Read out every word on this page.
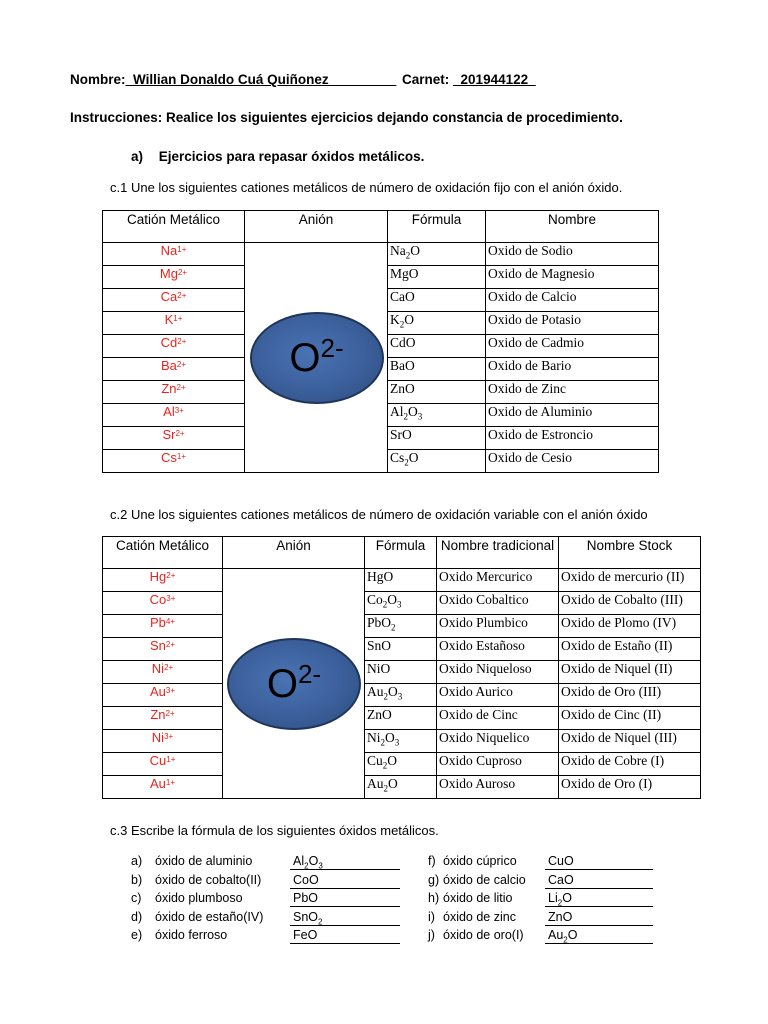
Nombre:_Willian Donaldo Cuá Quiñonez_________ Carnet: _201944122_
Instrucciones: Realice los siguientes ejercicios dejando constancia de procedimiento.
a) Ejercicios para repasar óxidos metálicos.
c.1 Une los siguientes cationes metálicos de número de oxidación fijo con el anión óxido.
Catión Metálico	Anión	Fórmula	Nombre
$Na^{1+}$	$O^{2-}$	$Na_2O$	Oxido de Sodio
$Mg^{2+}$		MgO	Oxido de Magnesio
$Ca^{2+}$		CaO	Oxido de Calcio
$K^{1+}$		$K_2O$	Oxido de Potasio
$Cd^{2+}$		CdO	Oxido de Cadmio
$Ba^{2+}$		BaO	Oxido de Bario
$Zn^{2+}$		ZnO	Oxido de Zinc
$Al^{3+}$		$Al_2O_3$	Oxido de Aluminio
$Sr^{2+}$		SrO	Oxido de Estroncio
$Cs^{1+}$		$Cs_2O$	Oxido de Cesio
c.2 Une los siguientes cationes metálicos de número de oxidación variable con el anión óxido
Catión Metálico	Anión	Fórmula	Nombre tradicional	Nombre Stock
$Hg^{2+}$	$O^{2-}$	HgO	Oxido Mercurico	Oxido de mercurio (II)
$Co^{3+}$		$Co_2O_3$	Oxido Cobaltico	Oxido de Cobalto (III)
$Pb^{4+}$		PbO$_2$	Oxido Plumbico	Oxido de Plomo (IV)
$Sn^{2+}$		SnO	Oxido Estañoso	Oxido de Estaño (II)
$Ni^{2+}$		NiO	Oxido Niqueloso	Oxido de Niquel (II)
$Au^{3+}$		$Au_2O_3$	Oxido Aurico	Oxido de Oro (III)
$Zn^{2+}$		ZnO	Oxido de Cinc	Oxido de Cinc (II)
$Ni^{3+}$		$Ni_2O_3$	Oxido Niquelico	Oxido de Niquel (III)
$Cu^{1+}$		$Cu_2O$	Oxido Cuproso	Oxido de Cobre (I)
$Au^{1+}$		$Au_2O$	Oxido Auroso	Oxido de Oro (I)
c.3 Escribe la fórmula de los siguientes óxidos metálicos.
a) óxido de aluminio	$Al_2O_3$
b) óxido de cobalto(II)	CoO
c) óxido plumboso	PbO
d) óxido de estaño(IV) SnO$_2$
e) óxido ferroso	FeO
f) óxido cúprico	CuO
g) óxido de calcio CaO
h) óxido de litio	$Li_2O$
i) óxido de zinc	ZnO
j) óxido de oro(I) $Au_2O$
